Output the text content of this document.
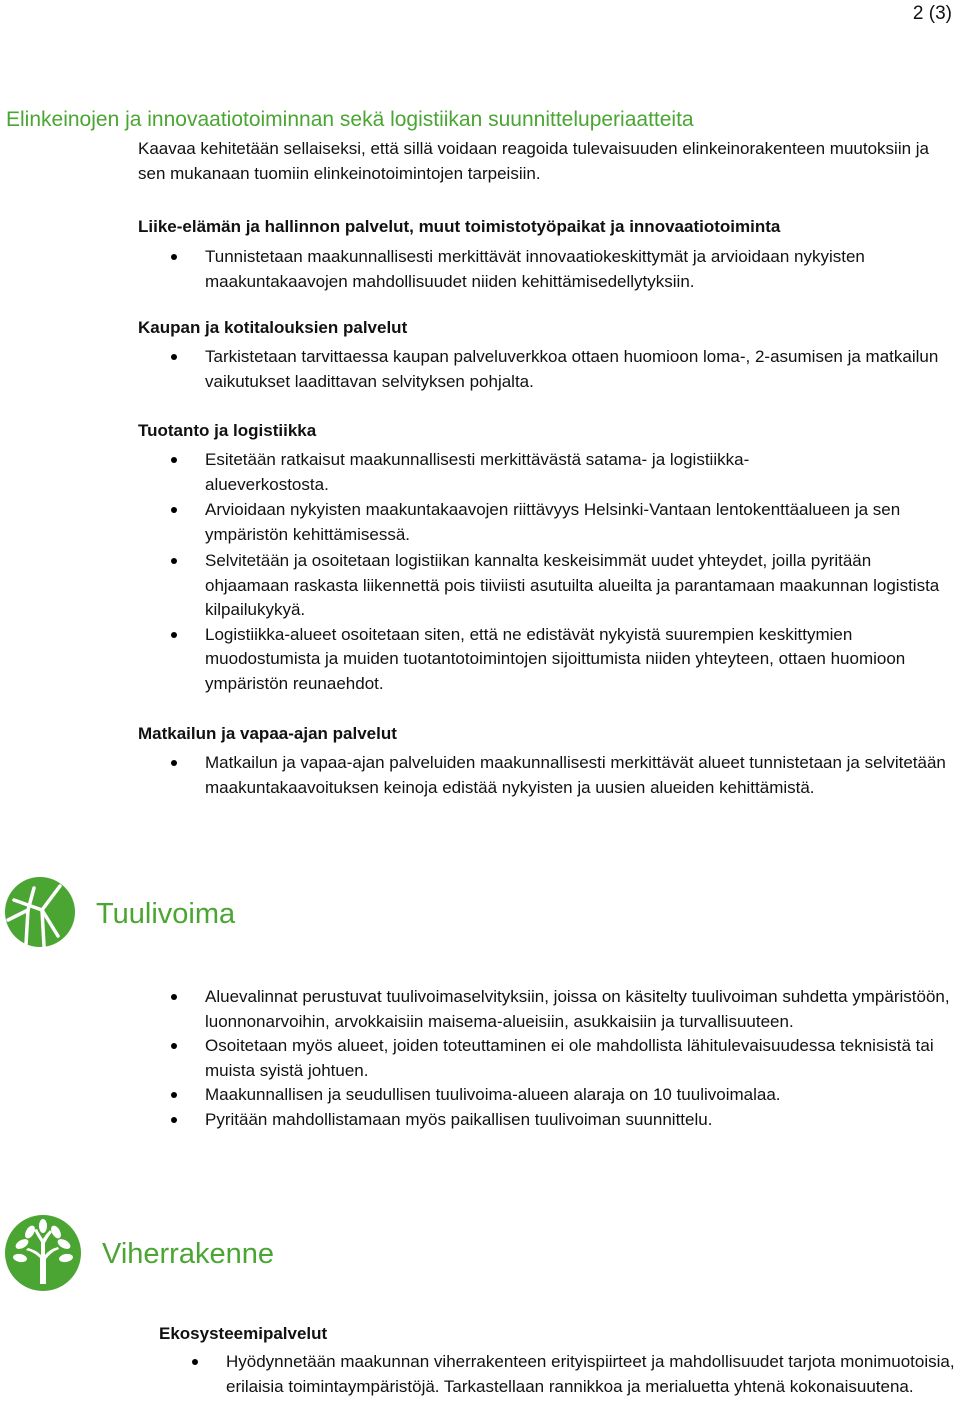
2 (3)
Elinkeinojen ja innovaatiotoiminnan sekä logistiikan suunnitteluperiaatteita
Kaavaa kehitetään sellaiseksi, että sillä voidaan reagoida tulevaisuuden elinkeinorakenteen muutoksiin ja sen mukanaan tuomiin elinkeinotoimintojen tarpeisiin.
Liike-elämän ja hallinnon palvelut, muut toimistotyöpaikat ja innovaatiotoiminta
Tunnistetaan maakunnallisesti merkittävät innovaatiokeskittymät ja arvioidaan nykyisten maakuntakaavojen mahdollisuudet niiden kehittämisedellytyksiin.
Kaupan ja kotitalouksien palvelut
Tarkistetaan tarvittaessa kaupan palveluverkkoa ottaen huomioon loma-, 2-asumisen ja matkailun vaikutukset laadittavan selvityksen pohjalta.
Tuotanto ja logistiikka
Esitetään ratkaisut maakunnallisesti merkittävästä satama- ja logistiikka-alueverkostosta.
Arvioidaan nykyisten maakuntakaavojen riittävyys Helsinki-Vantaan lentokenttäalueen ja sen ympäristön kehittämisessä.
Selvitetään ja osoitetaan logistiikan kannalta keskeisimmät uudet yhteydet, joilla pyritään ohjaamaan raskasta liikennettä pois tiiviisti asutuilta alueilta ja parantamaan maakunnan logistista kilpailukykyä.
Logistiikka-alueet osoitetaan siten, että ne edistävät nykyistä suurempien keskittymien muodostumista ja muiden tuotantotoimintojen sijoittumista niiden yhteyteen, ottaen huomioon ympäristön reunaehdot.
Matkailun ja vapaa-ajan palvelut
Matkailun ja vapaa-ajan palveluiden maakunnallisesti merkittävät alueet tunnistetaan ja selvitetään maakuntakaavoituksen keinoja edistää nykyisten ja uusien alueiden kehittämistä.
Tuulivoima
Aluevalinnat perustuvat tuulivoimaselvityksiin, joissa on käsitelty tuulivoiman suhdetta ympäristöön, luonnonarvoihin, arvokkaisiin maisema-alueisiin, asukkaisiin ja turvallisuuteen.
Osoitetaan myös alueet, joiden toteuttaminen ei ole mahdollista lähitulevaisuudessa teknisistä tai muista syistä johtuen.
Maakunnallisen ja seudullisen tuulivoima-alueen alaraja on 10 tuulivoimalaa.
Pyritään mahdollistamaan myös paikallisen tuulivoiman suunnittelu.
Viherrakenne
Ekosysteemipalvelut
Hyödynnetään maakunnan viherrakenteen erityispiirteet ja mahdollisuudet tarjota monimuotoisia, erilaisia toimintaympäristöjä. Tarkastellaan rannikkoa ja merialuetta yhtenä kokonaisuutena.
